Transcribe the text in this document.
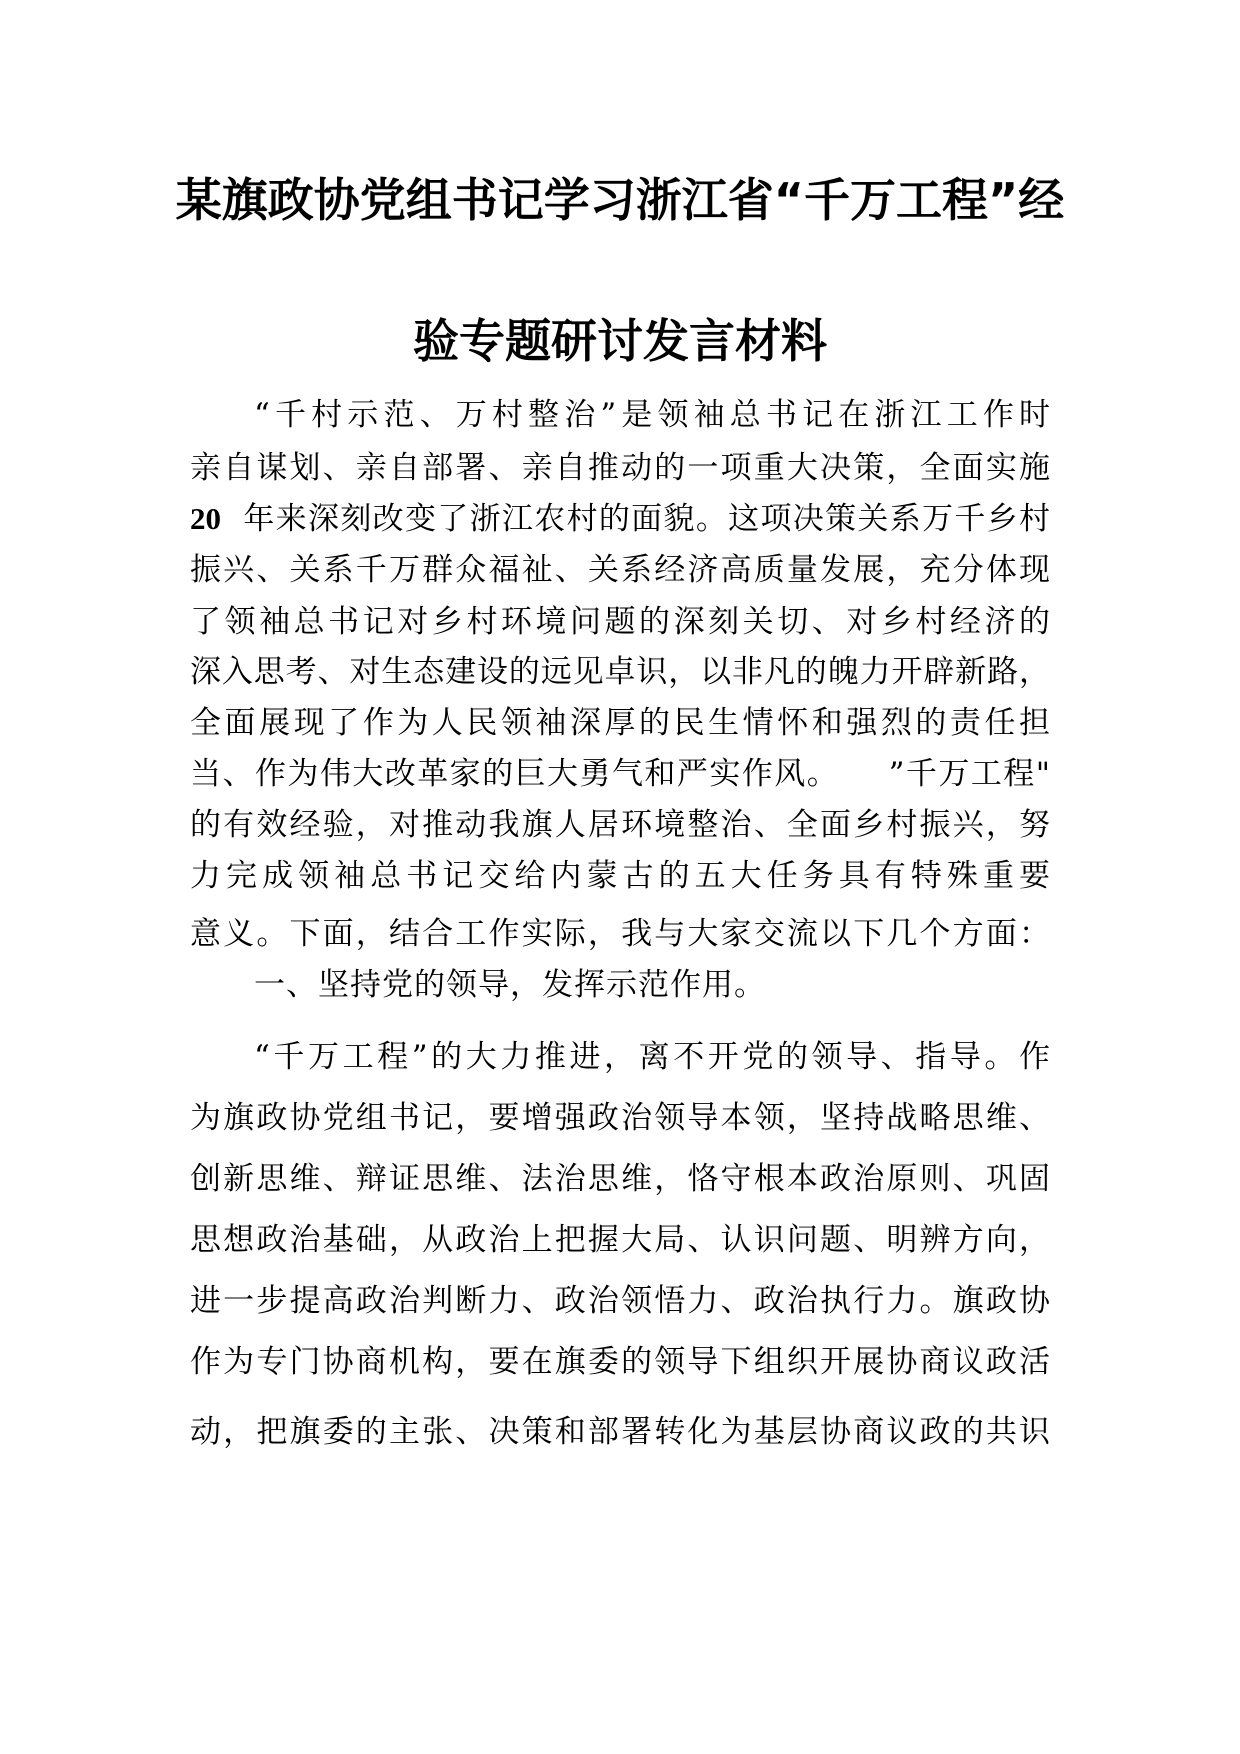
某旗政协党组书记学习浙江省“千万工程”经
验专题研讨发言材料
“千村示范、万村整治”是领袖总书记在浙江工作时
亲自谋划、亲自部署、亲自推动的一项重大决策，全面实施
20 年来深刻改变了浙江农村的面貌。这项决策关系万千乡村
振兴、关系千万群众福祉、关系经济高质量发展，充分体现
了领袖总书记对乡村环境问题的深刻关切、对乡村经济的
深入思考、对生态建设的远见卓识，以非凡的魄力开辟新路，
全面展现了作为人民领袖深厚的民生情怀和强烈的责任担
当、作为伟大改革家的巨大勇气和严实作风。　　”千万工程"
的有效经验，对推动我旗人居环境整治、全面乡村振兴，努
力完成领袖总书记交给内蒙古的五大任务具有特殊重要
意义。下面，结合工作实际，我与大家交流以下几个方面：
一、坚持党的领导，发挥示范作用。
“千万工程”的大力推进，离不开党的领导、指导。作
为旗政协党组书记，要增强政治领导本领，坚持战略思维、
创新思维、辩证思维、法治思维，恪守根本政治原则、巩固
思想政治基础，从政治上把握大局、认识问题、明辨方向，
进一步提高政治判断力、政治领悟力、政治执行力。旗政协
作为专门协商机构，要在旗委的领导下组织开展协商议政活
动，把旗委的主张、决策和部署转化为基层协商议政的共识
